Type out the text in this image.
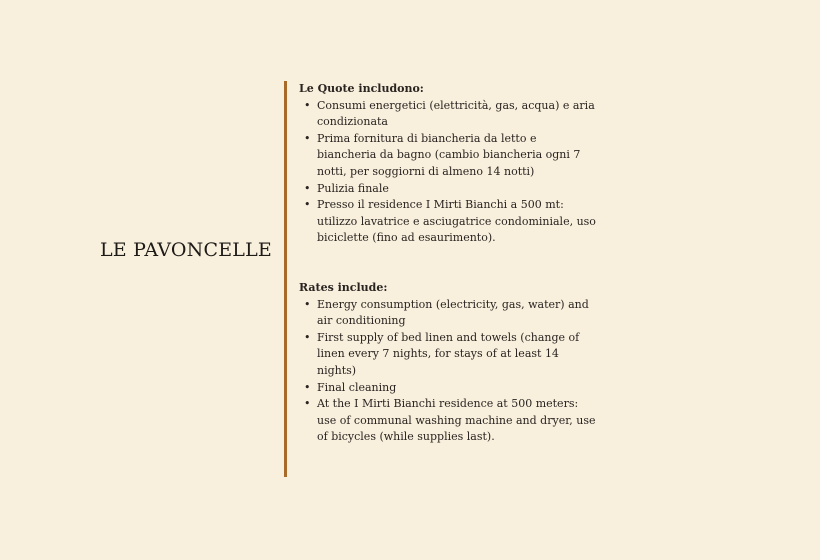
LE PAVONCELLE

Le Quote includono:

• Consumi energetici (elettricità, gas, acqua) e aria condizionata
• Prima fornitura di biancheria da letto e biancheria da bagno (cambio biancheria ogni 7 notti, per soggiorni di almeno 14 notti)
• Pulizia finale
• Presso il residence I Mirti Bianchi a 500 mt: utilizzo lavatrice e asciugatrice condominiale, uso biciclette (fino ad esaurimento).

Rates include:

• Energy consumption (electricity, gas, water) and air conditioning
• First supply of bed linen and towels (change of linen every 7 nights, for stays of at least 14 nights)
• Final cleaning
• At the I Mirti Bianchi residence at 500 meters: use of communal washing machine and dryer, use of bicycles (while supplies last).
